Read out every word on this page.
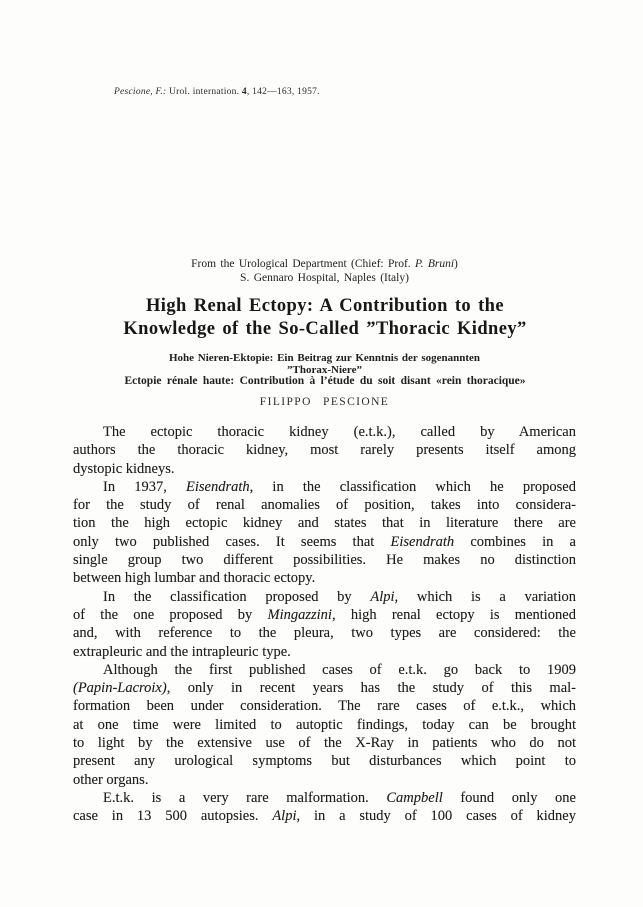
Pescione, F.: Urol. internation. 4, 142—163, 1957.
From the Urological Department (Chief: Prof. P. Bruni)
S. Gennaro Hospital, Naples (Italy)
High Renal Ectopy: A Contribution to the
Knowledge of the So-Called ”Thoracic Kidney”
Hohe Nieren-Ektopie: Ein Beitrag zur Kenntnis der sogenannten
”Thorax-Niere”
Ectopie rénale haute: Contribution à l’étude du soit disant «rein thoracique»
FILIPPO PESCIONE
The ectopic thoracic kidney (e.t.k.), called by American
authors the thoracic kidney, most rarely presents itself among
dystopic kidneys.
In 1937, Eisendrath, in the classification which he proposed
for the study of renal anomalies of position, takes into considera-
tion the high ectopic kidney and states that in literature there are
only two published cases. It seems that Eisendrath combines in a
single group two different possibilities. He makes no distinction
between high lumbar and thoracic ectopy.
In the classification proposed by Alpi, which is a variation
of the one proposed by Mingazzini, high renal ectopy is mentioned
and, with reference to the pleura, two types are considered: the
extrapleuric and the intrapleuric type.
Although the first published cases of e.t.k. go back to 1909
(Papin-Lacroix), only in recent years has the study of this mal-
formation been under consideration. The rare cases of e.t.k., which
at one time were limited to autoptic findings, today can be brought
to light by the extensive use of the X-Ray in patients who do not
present any urological symptoms but disturbances which point to
other organs.
E.t.k. is a very rare malformation. Campbell found only one
case in 13 500 autopsies. Alpi, in a study of 100 cases of kidney
